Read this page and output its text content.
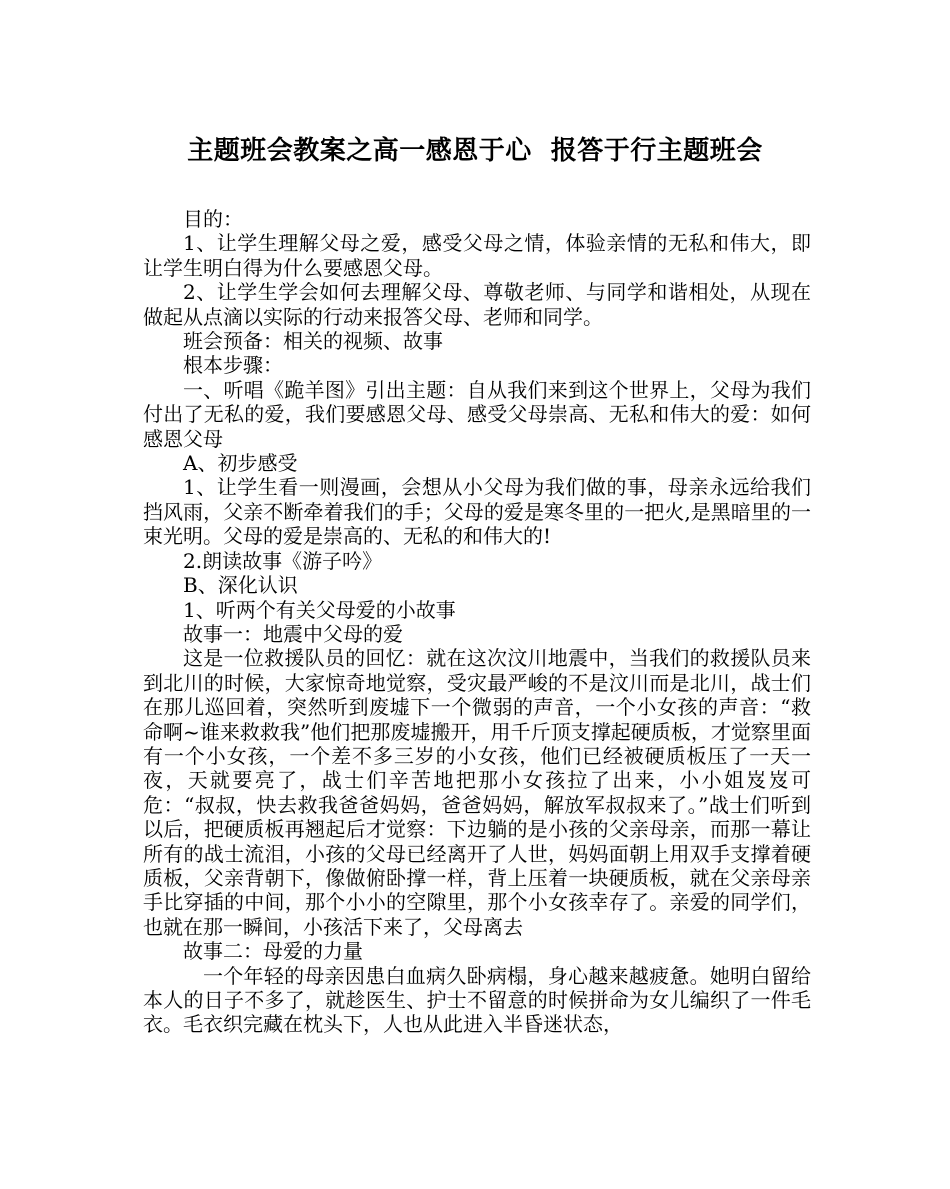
主题班会教案之高一感恩于心  报答于行主题班会

目的：

1、让学生理解父母之爱，感受父母之情，体验亲情的无私和伟大，即让学生明白得为什么要感恩父母。

2、让学生学会如何去理解父母、尊敬老师、与同学和谐相处，从现在做起从点滴以实际的行动来报答父母、老师和同学。

班会预备：相关的视频、故事

根本步骤：

一、听唱《跪羊图》引出主题：自从我们来到这个世界上，父母为我们付出了无私的爱，我们要感恩父母、感受父母崇高、无私和伟大的爱：如何感恩父母

A、初步感受

1、让学生看一则漫画，会想从小父母为我们做的事，母亲永远给我们挡风雨，父亲不断牵着我们的手；父母的爱是寒冬里的一把火,是黑暗里的一束光明。父母的爱是崇高的、无私的和伟大的!

2.朗读故事《游子吟》

B、深化认识

1、听两个有关父母爱的小故事

故事一：地震中父母的爱

这是一位救援队员的回忆：就在这次汶川地震中，当我们的救援队员来到北川的时候，大家惊奇地觉察，受灾最严峻的不是汶川而是北川，战士们在那儿巡回着，突然听到废墟下一个微弱的声音，一个小女孩的声音：“救命啊~谁来救救我”他们把那废墟搬开，用千斤顶支撑起硬质板，才觉察里面有一个小女孩，一个差不多三岁的小女孩，他们已经被硬质板压了一天一夜，天就要亮了，战士们辛苦地把那小女孩拉了出来，小小姐岌岌可危：“叔叔，快去救我爸爸妈妈，爸爸妈妈，解放军叔叔来了。”战士们听到以后，把硬质板再翘起后才觉察：下边躺的是小孩的父亲母亲，而那一幕让所有的战士流泪，小孩的父母已经离开了人世，妈妈面朝上用双手支撑着硬质板，父亲背朝下，像做俯卧撑一样，背上压着一块硬质板，就在父亲母亲手比穿插的中间，那个小小的空隙里，那个小女孩幸存了。亲爱的同学们，也就在那一瞬间，小孩活下来了，父母离去

故事二：母爱的力量

一个年轻的母亲因患白血病久卧病榻，身心越来越疲惫。她明白留给本人的日子不多了，就趁医生、护士不留意的时候拼命为女儿编织了一件毛衣。毛衣织完藏在枕头下，人也从此进入半昏迷状态，
